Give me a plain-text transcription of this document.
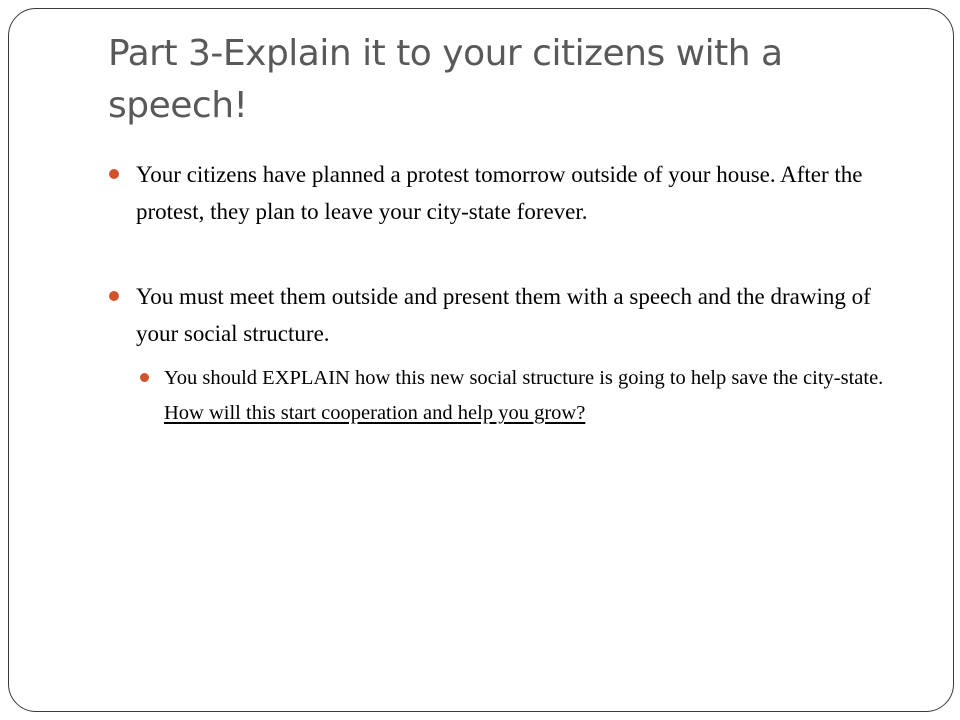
Part 3-Explain it to your citizens with a speech!
Your citizens have planned a protest tomorrow outside of your house. After the protest, they plan to leave your city-state forever.
You must meet them outside and present them with a speech and the drawing of your social structure.
You should EXPLAIN how this new social structure is going to help save the city-state. How will this start cooperation and help you grow?
